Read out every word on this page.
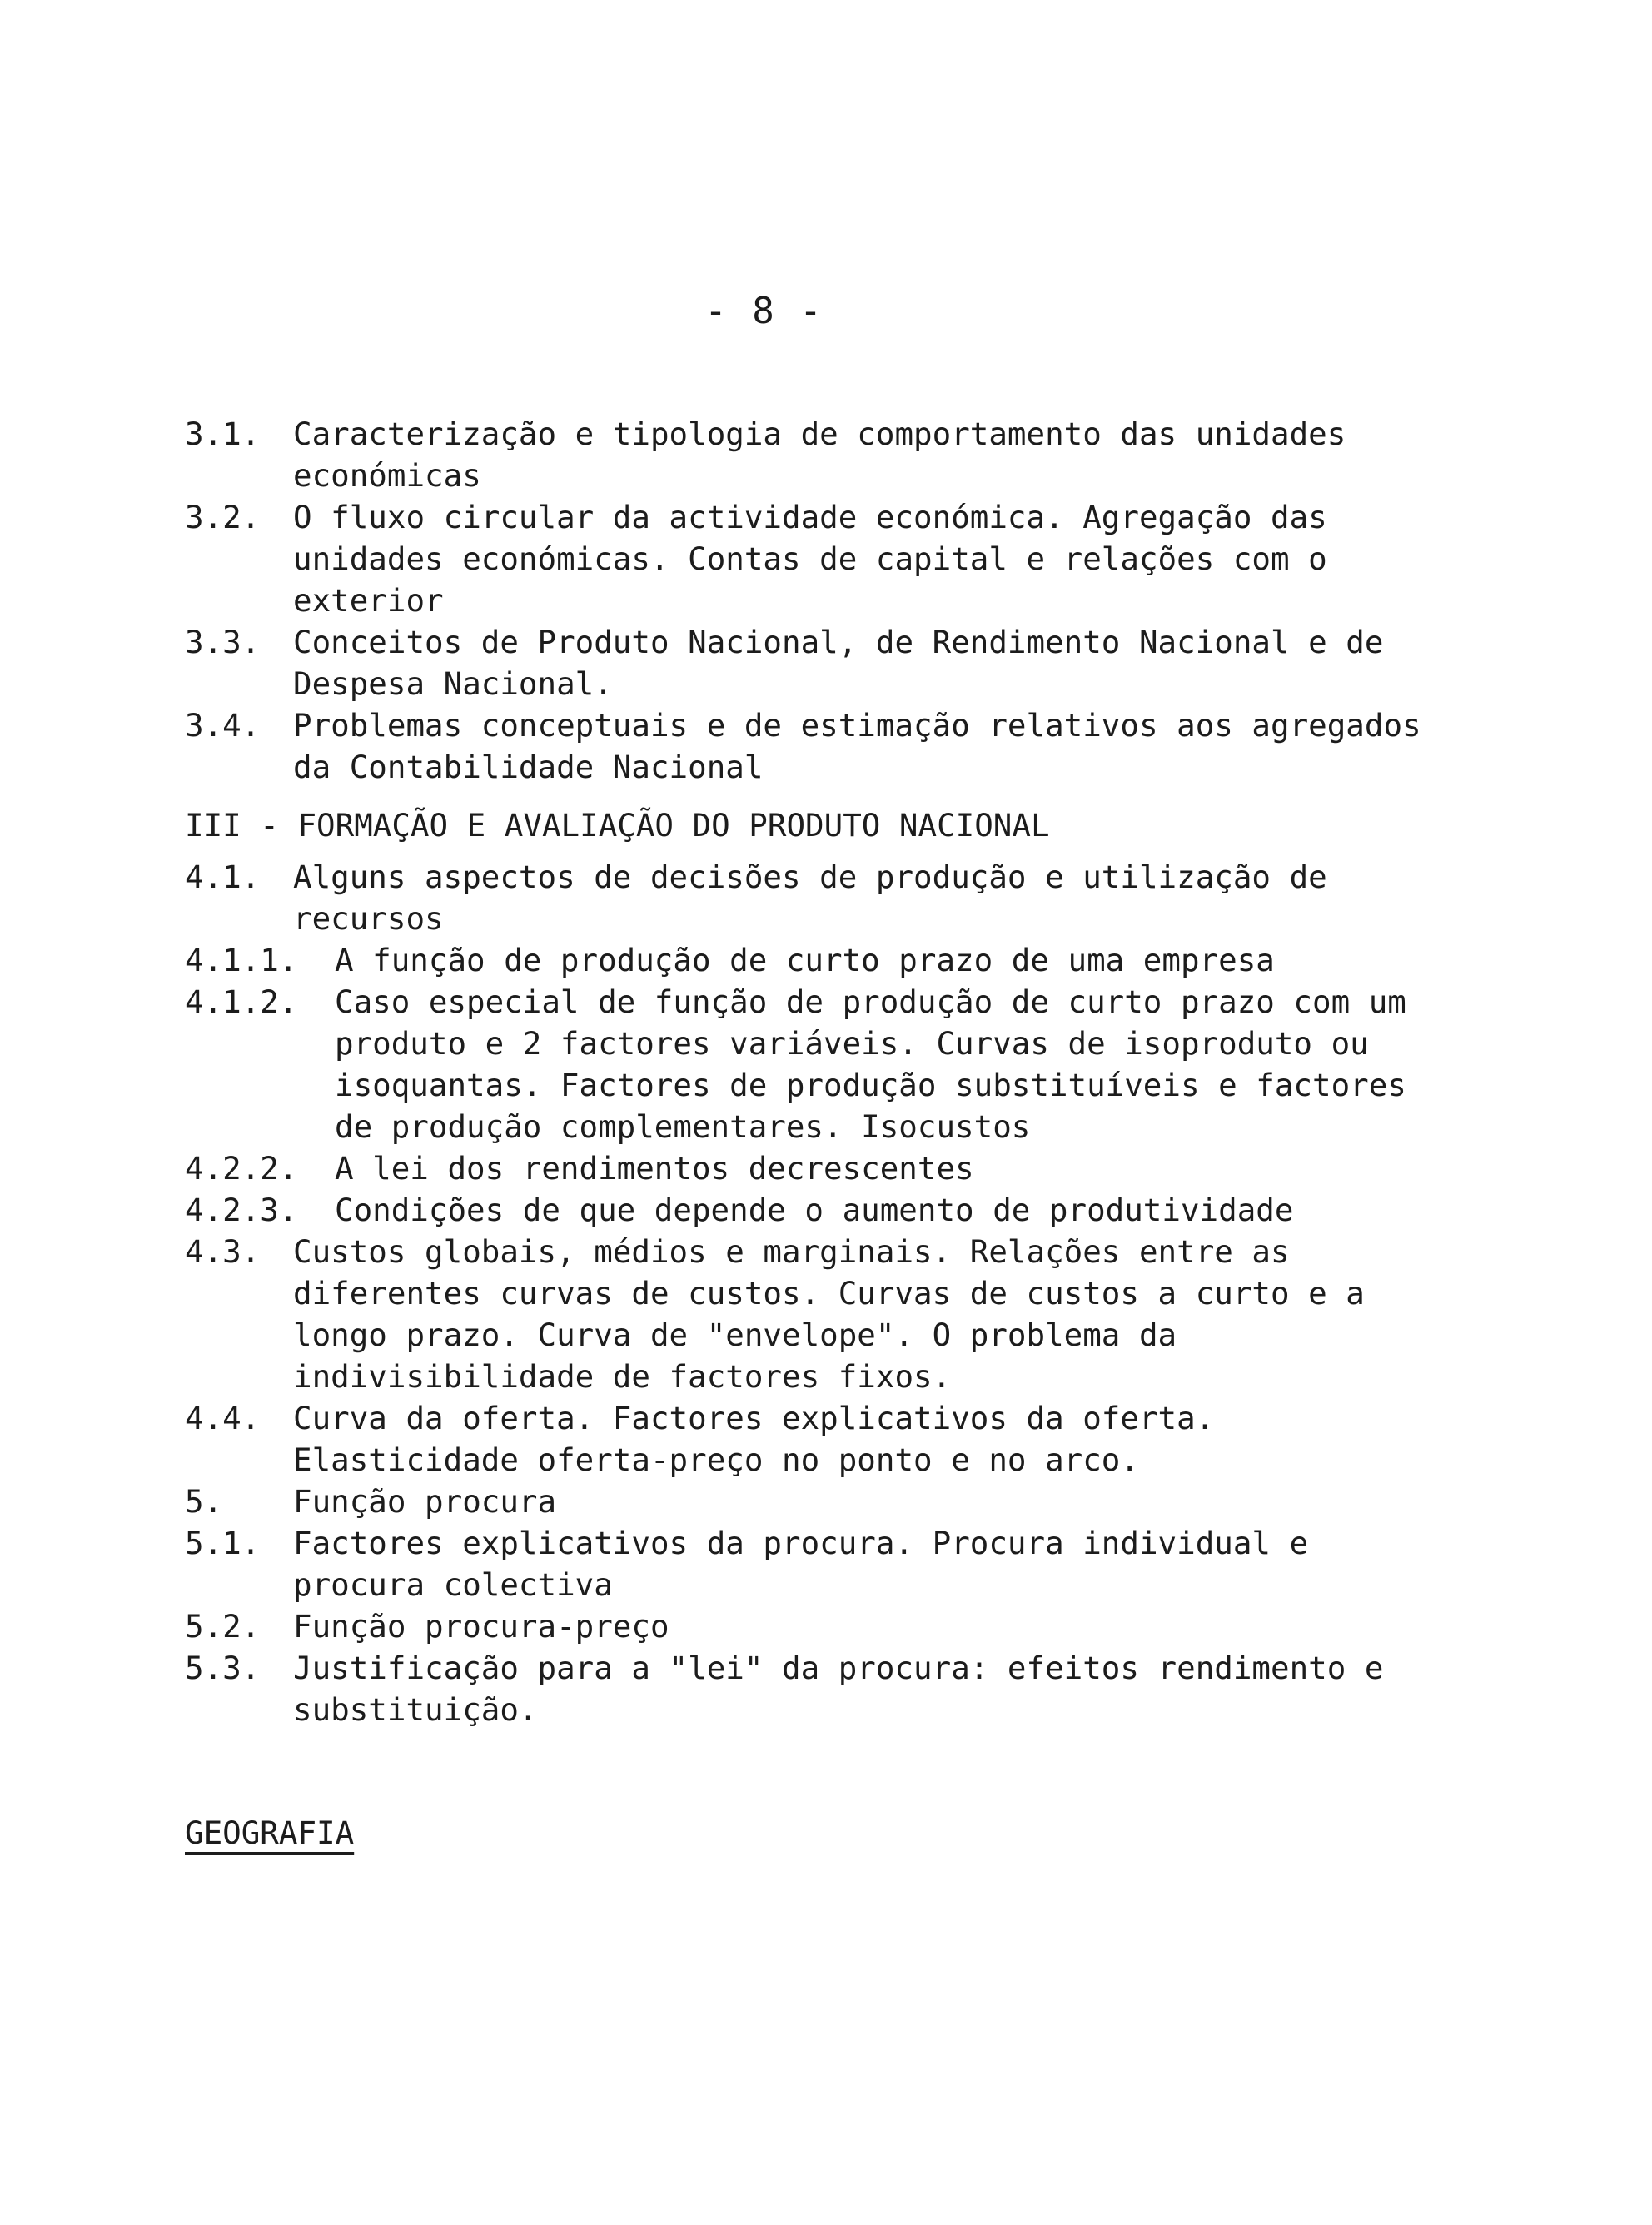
- 8 -
3.1.	Caracterização e tipologia de comportamento das unidades económicas
3.2.	O fluxo circular da actividade económica. Agregação das unidades económicas. Contas de capital e relações com o exterior
3.3.	Conceitos de Produto Nacional, de Rendimento Nacional e de Despesa Nacional.
3.4.	Problemas conceptuais e de estimação relativos aos agregados da Contabilidade Nacional
III - FORMAÇÃO E AVALIAÇÃO DO PRODUTO NACIONAL
4.1.	Alguns aspectos de decisões de produção e utilização de recursos
4.1.1.	A função de produção de curto prazo de uma empresa
4.1.2.	Caso especial de função de produção de curto prazo com um produto e 2 factores variáveis. Curvas de isoproduto ou isoquantas. Factores de produção substituíveis e factores de produção complementares. Isocustos
4.2.2.	A lei dos rendimentos decrescentes
4.2.3.	Condições de que depende o aumento de produtividade
4.3.	Custos globais, médios e marginais. Relações entre as diferentes curvas de custos. Curvas de custos a curto e a longo prazo. Curva de "envelope". O problema da indivisibilidade de factores fixos.
4.4.	Curva da oferta. Factores explicativos da oferta. Elasticidade oferta-preço no ponto e no arco.
5.	Função procura
5.1.	Factores explicativos da procura. Procura individual e procura colectiva
5.2.	Função procura-preço
5.3.	Justificação para a "lei" da procura: efeitos rendimento e substituição.
GEOGRAFIA
